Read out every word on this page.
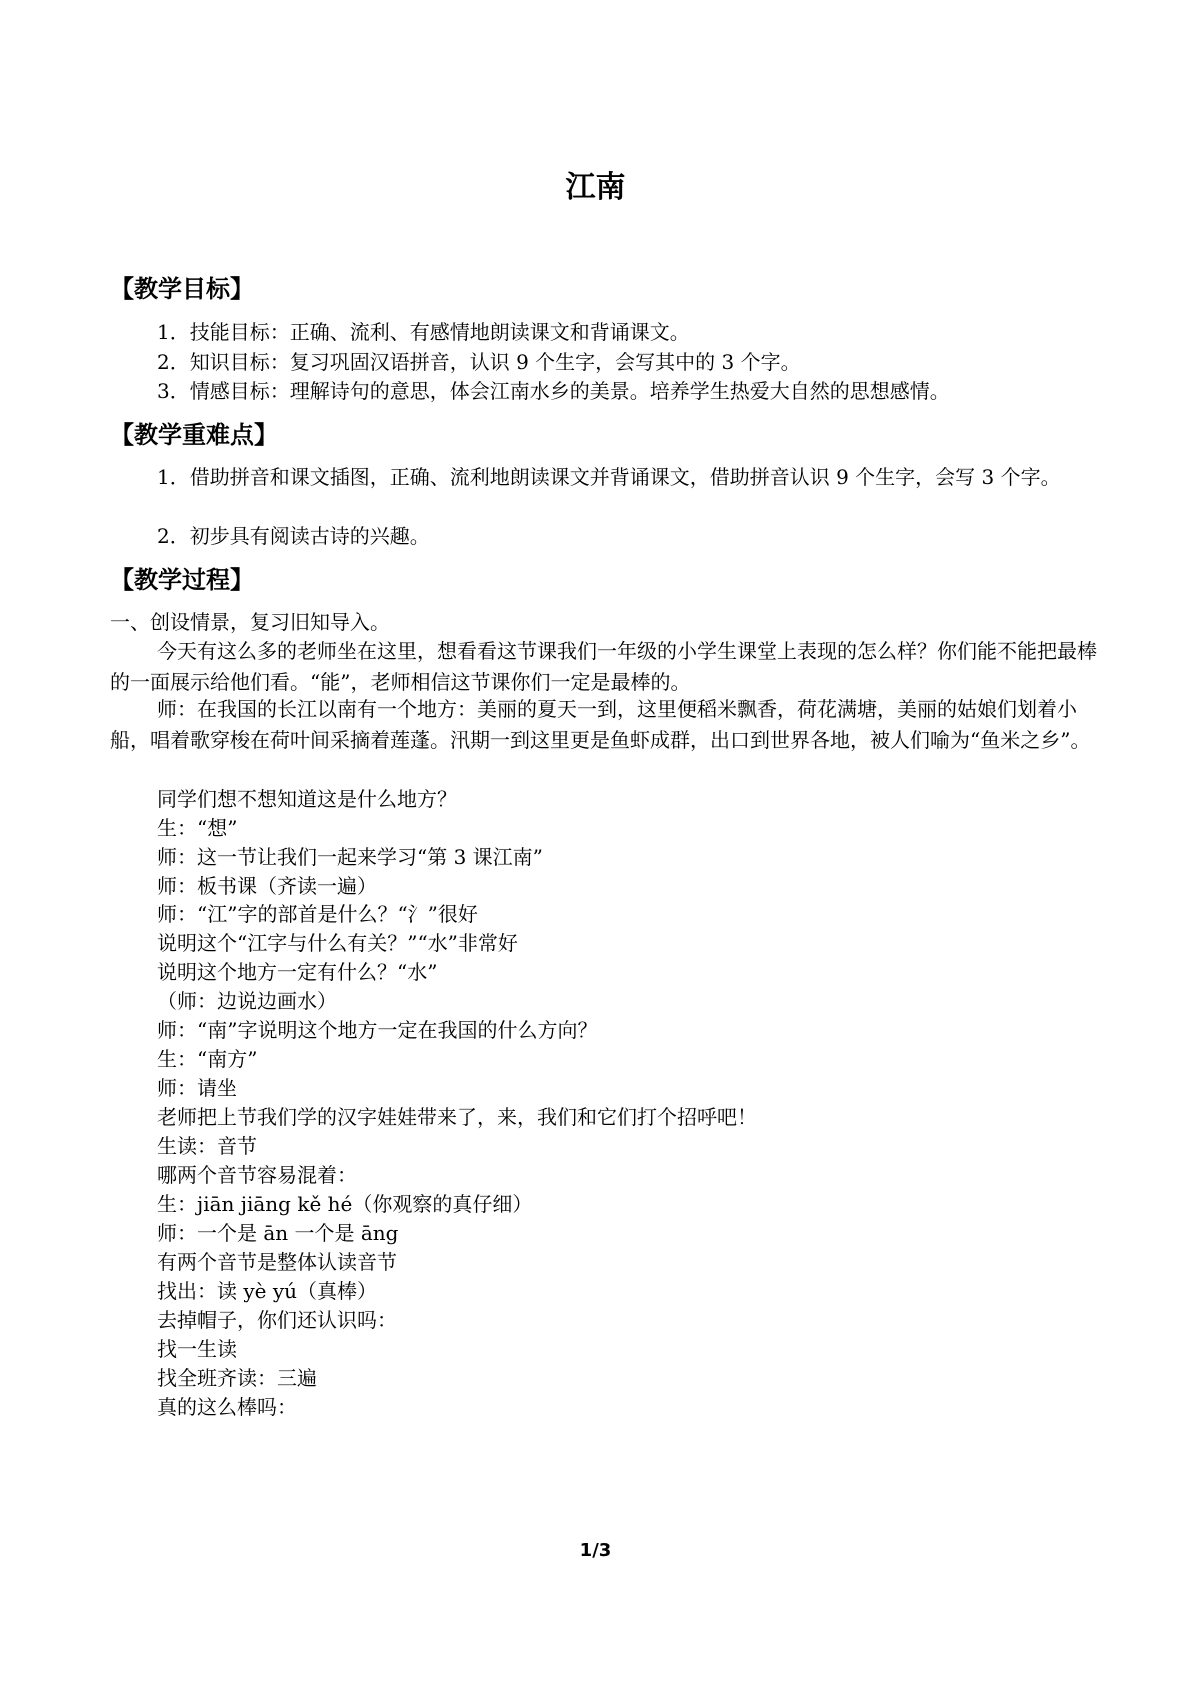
江南
【教学目标】

1．技能目标：正确、流利、有感情地朗读课文和背诵课文。

2．知识目标：复习巩固汉语拼音，认识 9 个生字，会写其中的 3 个字。

3．情感目标：理解诗句的意思，体会江南水乡的美景。培养学生热爱大自然的思想感情。

【教学重难点】

1．借助拼音和课文插图，正确、流利地朗读课文并背诵课文，借助拼音认识 9 个生字，会写 3 个字。

2．初步具有阅读古诗的兴趣。

【教学过程】

一、创设情景，复习旧知导入。

今天有这么多的老师坐在这里，想看看这节课我们一年级的小学生课堂上表现的怎么样？你们能不能把最棒的一面展示给他们看。“能”，老师相信这节课你们一定是最棒的。

师：在我国的长江以南有一个地方：美丽的夏天一到，这里便稻米飘香，荷花满塘，美丽的姑娘们划着小船，唱着歌穿梭在荷叶间采摘着莲蓬。汛期一到这里更是鱼虾成群，出口到世界各地，被人们喻为“鱼米之乡”。

同学们想不想知道这是什么地方？

生：“想”

师：这一节让我们一起来学习“第 3 课江南”

师：板书课（齐读一遍）

师：“江”字的部首是什么？“氵”很好

说明这个“江字与什么有关？”“水”非常好

说明这个地方一定有什么？“水”

（师：边说边画水）

师：“南”字说明这个地方一定在我国的什么方向？

生：“南方”

师：请坐

老师把上节我们学的汉字娃娃带来了，来，我们和它们打个招呼吧！

生读：音节

哪两个音节容易混着：

生：jiān jiāng kě hé（你观察的真仔细）

师：一个是 ān 一个是 āng

有两个音节是整体认读音节

找出：读 yè yú（真棒）

去掉帽子，你们还认识吗：

找一生读

找全班齐读：三遍

真的这么棒吗：

1/3
